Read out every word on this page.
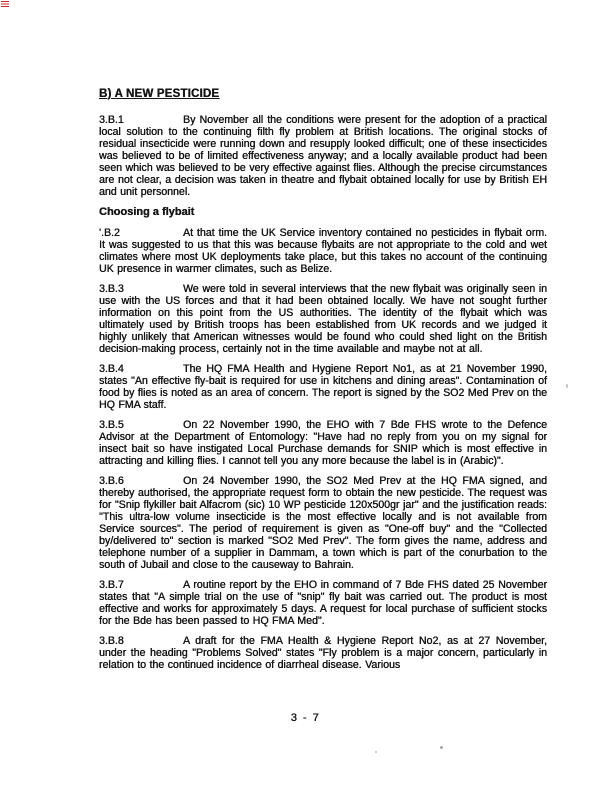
B) A NEW PESTICIDE
3.B.1	By November all the conditions were present for the adoption of a practical local solution to the continuing filth fly problem at British locations. The original stocks of residual insecticide were running down and resupply looked difficult; one of these insecticides was believed to be of limited effectiveness anyway; and a locally available product had been seen which was believed to be very effective against flies. Although the precise circumstances are not clear, a decision was taken in theatre and flybait obtained locally for use by British EH and unit personnel.
Choosing a flybait
'.B.2	At that time the UK Service inventory contained no pesticides in flybait orm. It was suggested to us that this was because flybaits are not appropriate to the cold and wet climates where most UK deployments take place, but this takes no account of the continuing UK presence in warmer climates, such as Belize.
3.B.3	We were told in several interviews that the new flybait was originally seen in use with the US forces and that it had been obtained locally. We have not sought further information on this point from the US authorities. The identity of the flybait which was ultimately used by British troops has been established from UK records and we judged it highly unlikely that American witnesses would be found who could shed light on the British decision-making process, certainly not in the time available and maybe not at all.
3.B.4	The HQ FMA Health and Hygiene Report No1, as at 21 November 1990, states "An effective fly-bait is required for use in kitchens and dining areas". Contamination of food by flies is noted as an area of concern. The report is signed by the SO2 Med Prev on the HQ FMA staff.
3.B.5	On 22 November 1990, the EHO with 7 Bde FHS wrote to the Defence Advisor at the Department of Entomology: "Have had no reply from you on my signal for insect bait so have instigated Local Purchase demands for SNIP which is most effective in attracting and killing flies. I cannot tell you any more because the label is in (Arabic)".
3.B.6	On 24 November 1990, the SO2 Med Prev at the HQ FMA signed, and thereby authorised, the appropriate request form to obtain the new pesticide. The request was for "Snip flykiller bait Alfacrom (sic) 10 WP pesticide 120x500gr jar" and the justification reads: "This ultra-low volume insecticide is the most effective locally and is not available from Service sources". The period of requirement is given as "One-off buy" and the "Collected by/delivered to" section is marked "SO2 Med Prev". The form gives the name, address and telephone number of a supplier in Dammam, a town which is part of the conurbation to the south of Jubail and close to the causeway to Bahrain.
3.B.7	A routine report by the EHO in command of 7 Bde FHS dated 25 November states that "A simple trial on the use of "snip" fly bait was carried out. The product is most effective and works for approximately 5 days. A request for local purchase of sufficient stocks for the Bde has been passed to HQ FMA Med".
3.B.8	A draft for the FMA Health & Hygiene Report No2, as at 27 November, under the heading "Problems Solved" states "Fly problem is a major concern, particularly in relation to the continued incidence of diarrheal disease. Various
3 - 7
